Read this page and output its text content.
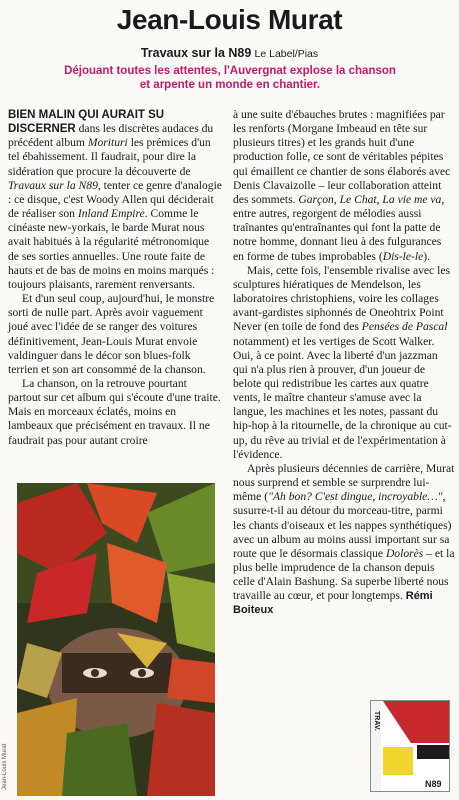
Jean-Louis Murat
Travaux sur la N89 Le Label/Pias
Déjouant toutes les attentes, l'Auvergnat explose la chanson
et arpente un monde en chantier.

BIEN MALIN QUI AURAIT SU DISCERNER dans les discrètes audaces du précédent album Morituri les prémices d'un tel ébahissement. Il faudrait, pour dire la sidération que procure la découverte de Travaux sur la N89, tenter ce genre d'analogie : ce disque, c'est Woody Allen qui déciderait de réaliser son Inland Empire. Comme le cinéaste new-yorkais, le barde Murat nous avait habitués à la régularité métronomique de ses sorties annuelles. Une route faite de hauts et de bas de moins en moins marqués : toujours plaisants, rarement renversants.

Et d'un seul coup, aujourd'hui, le monstre sorti de nulle part. Après avoir vaguement joué avec l'idée de se ranger des voitures définitivement, Jean-Louis Murat envoie valdinguer dans le décor son blues-folk terrien et son art consommé de la chanson.

La chanson, on la retrouve pourtant partout sur cet album qui s'écoute d'une traite. Mais en morceaux éclatés, moins en lambeaux que précisément en travaux. Il ne faudrait pas pour autant croire

à une suite d'ébauches brutes : magnifiées par les renforts (Morgane Imbeaud en tête sur plusieurs titres) et les grands huit d'une production folle, ce sont de véritables pépites qui émaillent ce chantier de sons élaborés avec Denis Clavaizolle – leur collaboration atteint des sommets. Garçon, Le Chat, La vie me va, entre autres, regorgent de mélodies aussi traînantes qu'entraînantes qui font la patte de notre homme, donnant lieu à des fulgurances en forme de tubes improbables (Dis-le-le).

Mais, cette fois, l'ensemble rivalise avec les sculptures hiératiques de Mendelson, les laboratoires christophiens, voire les collages avant-gardistes siphonnés de Oneohtrix Point Never (en toile de fond des Pensées de Pascal notamment) et les vertiges de Scott Walker. Oui, à ce point. Avec la liberté d'un jazzman qui n'a plus rien à prouver, d'un joueur de belote qui redistribue les cartes aux quatre vents, le maître chanteur s'amuse avec la langue, les machines et les notes, passant du hip-hop à la ritournelle, de la chronique au cut-up, du rêve au trivial et de l'expérimentation à l'évidence.

Après plusieurs décennies de carrière, Murat nous surprend et semble se surprendre lui-même ("Ah bon? C'est dingue, incroyable…", susurre-t-il au détour du morceau-titre, parmi les chants d'oiseaux et les nappes synthétiques) avec un album au moins aussi important sur sa route que le désormais classique Dolorès – et la plus belle imprudence de la chanson depuis celle d'Alain Bashung. Sa superbe liberté nous travaille au cœur, et pour longtemps. Rémi Boiteux

Jean-Louis Murat
TRAV.
N89
